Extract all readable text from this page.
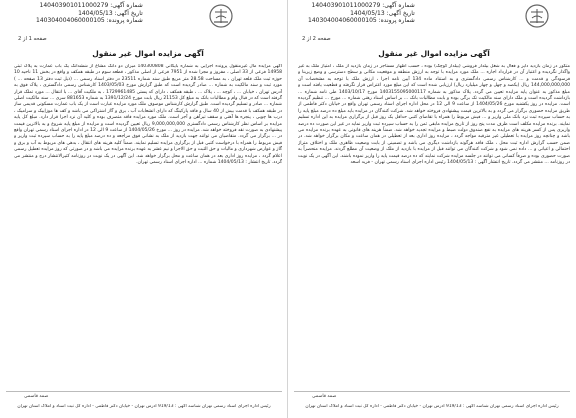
شماره آگهی: 140403901011000279
تاریخ آگهی: 1404/05/13
شماره پرونده: 140304004060000105
صفحه 1 از 2
آگهی مزایده اموال غیر منقول
آگهی مزایده مال غیرمنقول پرونده اجرایی به شماره بایگانی 140300808 میزان دو دانگ مشاع از ششدانگ یک باب عمارت به پلاک ثبتی 14958 فرعی از 33 اصلی ، مفروز و مجزا شده از 7951 فرعی از اصلی مذکور ، قطعه سوم در طبقه همکف و واقع در بخش 11 ناحیه 10 حوزه ثبت ملک قلعه تهران ، به مساحت 28.58 متر مربع طبق سند شماره 23511 در دفتر اسناد رسمی ... (ذیل ثبت دفتر 13 صفحه ... ) مورد ثبت و سند مالکیت به شماره ... صادر گردیده است که طبق گزارش مورخ 1403/05/03 کارشناس رسمی دادگستری ، پلاک فوق به آدرس تهران ، خیابان ... ، کوچه ... ، پلاک ... ، طبقه همکف ، دارای کد پستی 1729961485 ، به ملکیت آقای ... با انتقال ... مورد تملک قرار گرفته است که در قبال وام و مطالبات بانک به مبلغ کل 21153 ریال بابت مورخ 1391/12/24 به شماره 881653 سری ... سند مالکیت اصلی شماره ... صادر و تسلیم گردیده است. طبق گزارش کارشناس موصوف ملک مورد مزایده عبارت است از یک باب عمارت مسکونی قدیمی ساز در طبقه همکف با قدمت بیش از 40 سال و فاقد پارکینگ که دارای انشعابات آب ، برق و گاز اشتراکی می باشد و کف ها موزاییک و سرامیک ، درب ها چوبی ، پنجره ها آهنی و سقف تیرآهن و آجر است. ملک مورد مزایده فاقد متصرف بوده و کلید آن نزد اجرا قرار دارد. مبلغ کل پایه مزایده بر اساس نظر کارشناس رسمی دادگستری 9,000,000,000 ریال تعیین گردیده است و مزایده از مبلغ پایه شروع و به بالاترین قیمت پیشنهادی به صورت نقد فروخته خواهد شد. مزایده در روز ... مورخ 1404/05/26 از ساعت 9 الی 12 در اداره اجرای اسناد رسمی تهران واقع در ... برگزار می گردد. متقاضیان می توانند جهت بازدید از ملک به نشانی فوق مراجعه و ده درصد مبلغ پایه را به حساب سپرده ثبت واریز و فیش مربوط را همراه با درخواست کتبی قبل از برگزاری مزایده تسلیم نمایند. ضمناً کلیه هزینه های انتقال ، بدهی های مربوط به آب و برق و گاز و عوارض شهرداری و مالیات و حق الثبت و حق الاجرا و نیم عشر به عهده برنده مزایده می باشد و در صورتی که روز مزایده تعطیل رسمی اعلام گردد ، مزایده روز اداری بعد در همان ساعت و محل برگزار خواهد شد. این آگهی در یک نوبت در روزنامه کثیرالانتشار درج و منتشر می گردد. تاریخ انتشار : 1404/05/13 شماره ... اداره اجرای اسناد رسمی تهران.
صمد قاسمی
رئیس اداره اجرای اسناد رسمی تهران شناسه آگهی : 919/13 آدرس تهران - خیابان دکتر فاطمی - اداره کل ثبت اسناد و املاک استان تهران
شماره آگهی: 140403901011000279
تاریخ آگهی: 1404/05/13
شماره پرونده: 140304004060000105
صفحه 2 از 2
آگهی مزایده اموال غیر منقول
متکور در زمان بازدید دایر و فعال به شغل بیلدار فروشی (بیلدار کوچک) بوده ، حسب اظهار مستاجر در زمان بازدید از ملک ، امتیاز ملک به غیر واگذار نگردیده و اعتبار آن در قرارداد اجاره ... ملک مورد مزایده با توجه به ارزش منطقه و موقعیت مکانی و سطح دسترسی و وضع زیربنا و فرسودگی و قدمت و ... کارشناس رسمی دادگستری و به استناد ماده 134 آیین نامه اجرا ، ارزش ملک با توجه به مشخصات آن 144,000,000,000 ریال (یکصد و چهل و چهار میلیارد ریال) ارزیابی شده است که این مبلغ مورد اعتراض قرار نگرفته و قطعیت یافته است و مبلغ مذکور به عنوان پایه مزایده تعیین می گردد. پلاک مذکور به شماره 1403155095000117 مورخ 1403/10/17 طی نامه شماره ... بازداشت گردیده است و ملک دارای سند مالکیت تک برگی بوده و بابت مطالبات بانک ... بر اساس اسناد رهنی شماره ... مورخ ... تنظیم گردیده است. مزایده در روز یکشنبه مورخ 1404/05/26 از ساعت 9 الی 12 در محل اداره اجرای اسناد رسمی تهران واقع در خیابان دکتر فاطمی از طریق مزایده حضوری برگزار می گردد و به بالاترین قیمت پیشنهادی فروخته خواهد شد. شرکت کنندگان در مزایده باید مبلغ ده درصد مبلغ پایه را به حساب سپرده ثبت نزد بانک ملی واریز و ... فیش مربوط را همراه با تقاضای کتبی حداقل یک روز قبل از برگزاری مزایده به این اداره تسلیم نمایند. برنده مزایده مکلف است ظرف مدت پنج روز از تاریخ مزایده مابقی ثمن را به حساب سپرده ثبت واریز نماید در غیر این صورت ده درصد واریزی پس از کسر هزینه های مزایده به نفع صندوق دولت ضبط و مزایده تجدید خواهد شد. ضمناً هزینه های قانونی به عهده برنده مزایده می باشد و چنانچه روز مزایده با تعطیلی غیر مترقبه مواجه گردد ، مزایده روز اداری بعد از تعطیلی در همان ساعت و مکان برگزار خواهد شد. در ضمن حسب گزارش اداره ثبت محل ، ملک فاقد هرگونه بازداشت دیگری می باشد و تضمینی از بابت وضعیت ظاهری ملک و اختلاف متراژ احتمالی و اعیانی و ... داده نمی شود و شرکت کنندگان می توانند قبل از مزایده با بازدید از ملک از وضعیت آن مطلع گردند. مزایده منحصراً به صورت حضوری بوده و صرفاً کسانی می توانند در جلسه مزایده شرکت نمایند که ده درصد قیمت پایه را واریز نموده باشند. این آگهی در یک نوبت در روزنامه ... منتشر می گردد. تاریخ انتشار آگهی : 1404/05/13 رئیس اداره اجرای اسناد رسمی تهران - فرید اسعد
صمد قاسمی
رئیس اداره اجرای اسناد رسمی تهران شناسه آگهی : 919/13 آدرس تهران - خیابان دکتر فاطمی - اداره کل ثبت اسناد و املاک استان تهران
